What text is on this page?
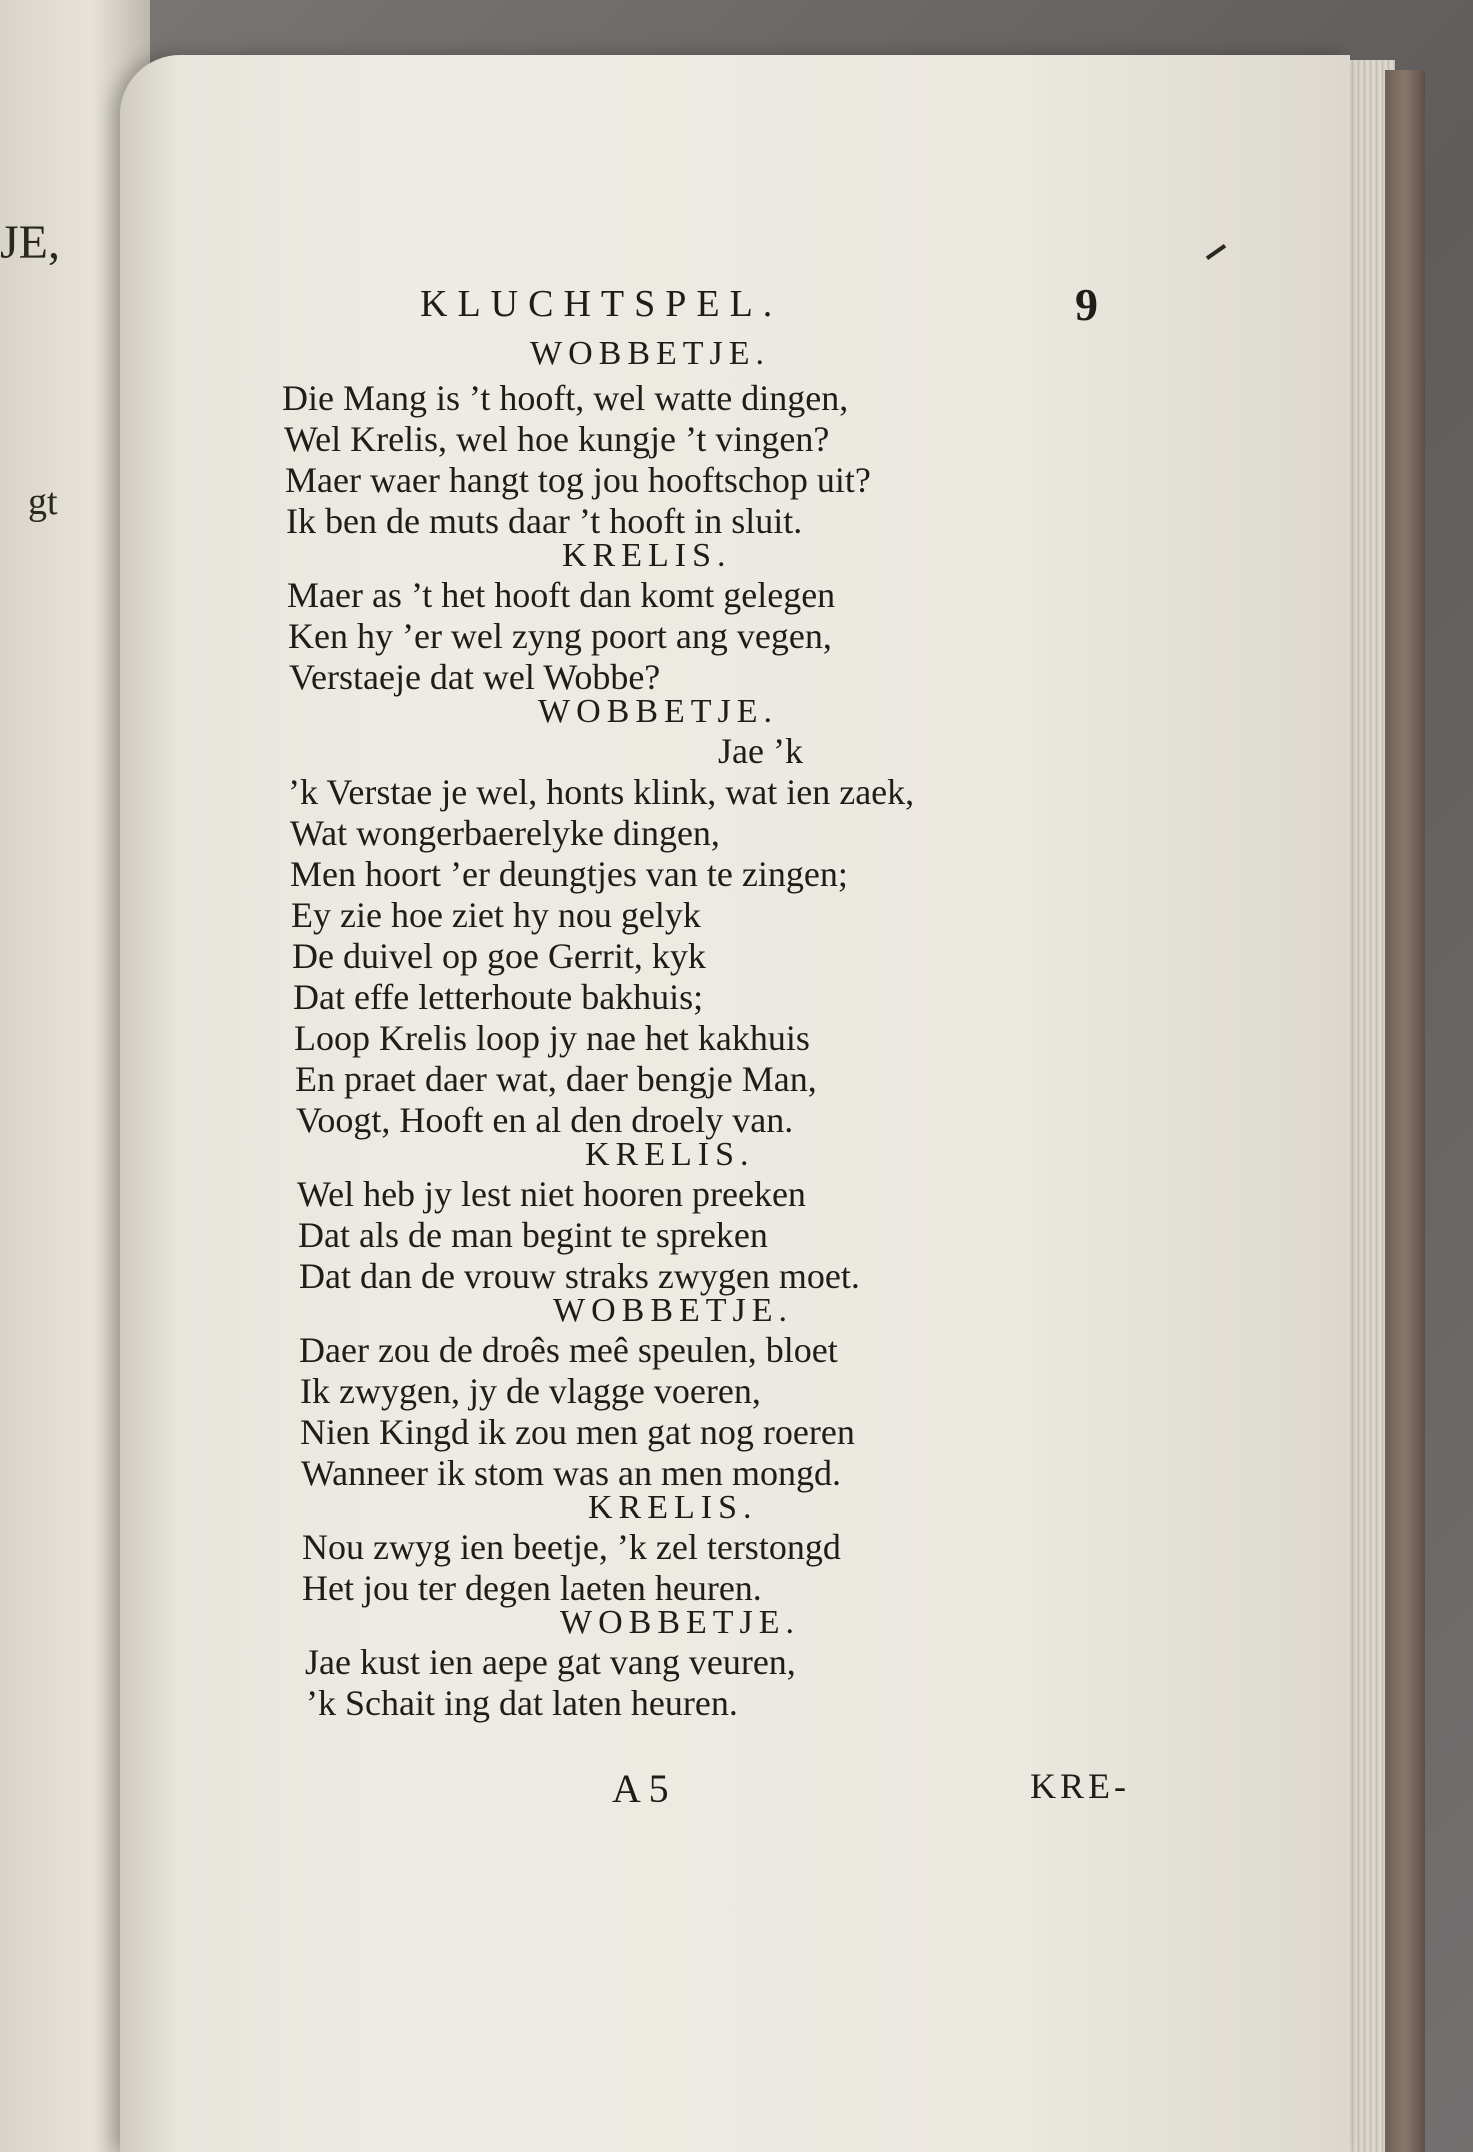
JE,
gt
KLUCHTSPEL.	9
WOBBETJE.
Die Mang is ’t hooft, wel watte dingen,
Wel Krelis, wel hoe kungje ’t vingen?
Maer waer hangt tog jou hooftschop uit?
Ik ben de muts daar ’t hooft in sluit.
KRELIS.
Maer as ’t het hooft dan komt gelegen
Ken hy ’er wel zyng poort ang vegen,
Verstaeje dat wel Wobbe?
WOBBETJE.
Jae ’k
’k Verstae je wel, honts klink, wat ien zaek,
Wat wongerbaerelyke dingen,
Men hoort ’er deungtjes van te zingen;
Ey zie hoe ziet hy nou gelyk
De duivel op goe Gerrit, kyk
Dat effe letterhoute bakhuis;
Loop Krelis loop jy nae het kakhuis
En praet daer wat, daer bengje Man,
Voogt, Hooft en al den droely van.
KRELIS.
Wel heb jy lest niet hooren preeken
Dat als de man begint te spreken
Dat dan de vrouw straks zwygen moet.
WOBBETJE.
Daer zou de droês meê speulen, bloet
Ik zwygen, jy de vlagge voeren,
Nien Kingd ik zou men gat nog roeren
Wanneer ik stom was an men mongd.
KRELIS.
Nou zwyg ien beetje, ’k zel terstongd
Het jou ter degen laeten heuren.
WOBBETJE.
Jae kust ien aepe gat vang veuren,
’k Schait ing dat laten heuren.
A 5	KRE-
